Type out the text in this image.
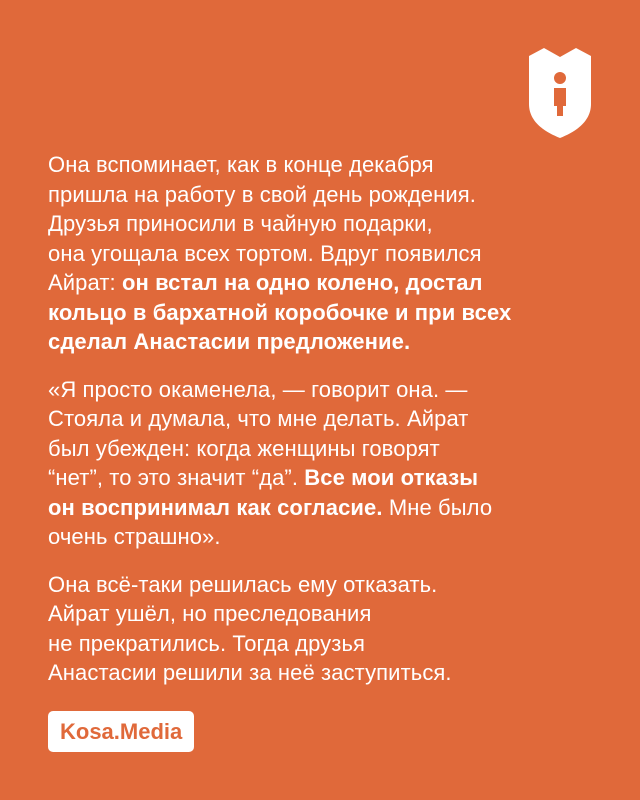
Она вспоминает, как в конце декабря
пришла на работу в свой день рождения.
Друзья приносили в чайную подарки,
она угощала всех тортом. Вдруг появился
Айрат: он встал на одно колено, достал
кольцо в бархатной коробочке и при всех
сделал Анастасии предложение.

«Я просто окаменела, — говорит она. —
Стояла и думала, что мне делать. Айрат
был убежден: когда женщины говорят
“нет”, то это значит “да”. Все мои отказы
он воспринимал как согласие. Мне было
очень страшно».

Она всё-таки решилась ему отказать.
Айрат ушёл, но преследования
не прекратились. Тогда друзья
Анастасии решили за неё заступиться.

Kosa.Media
